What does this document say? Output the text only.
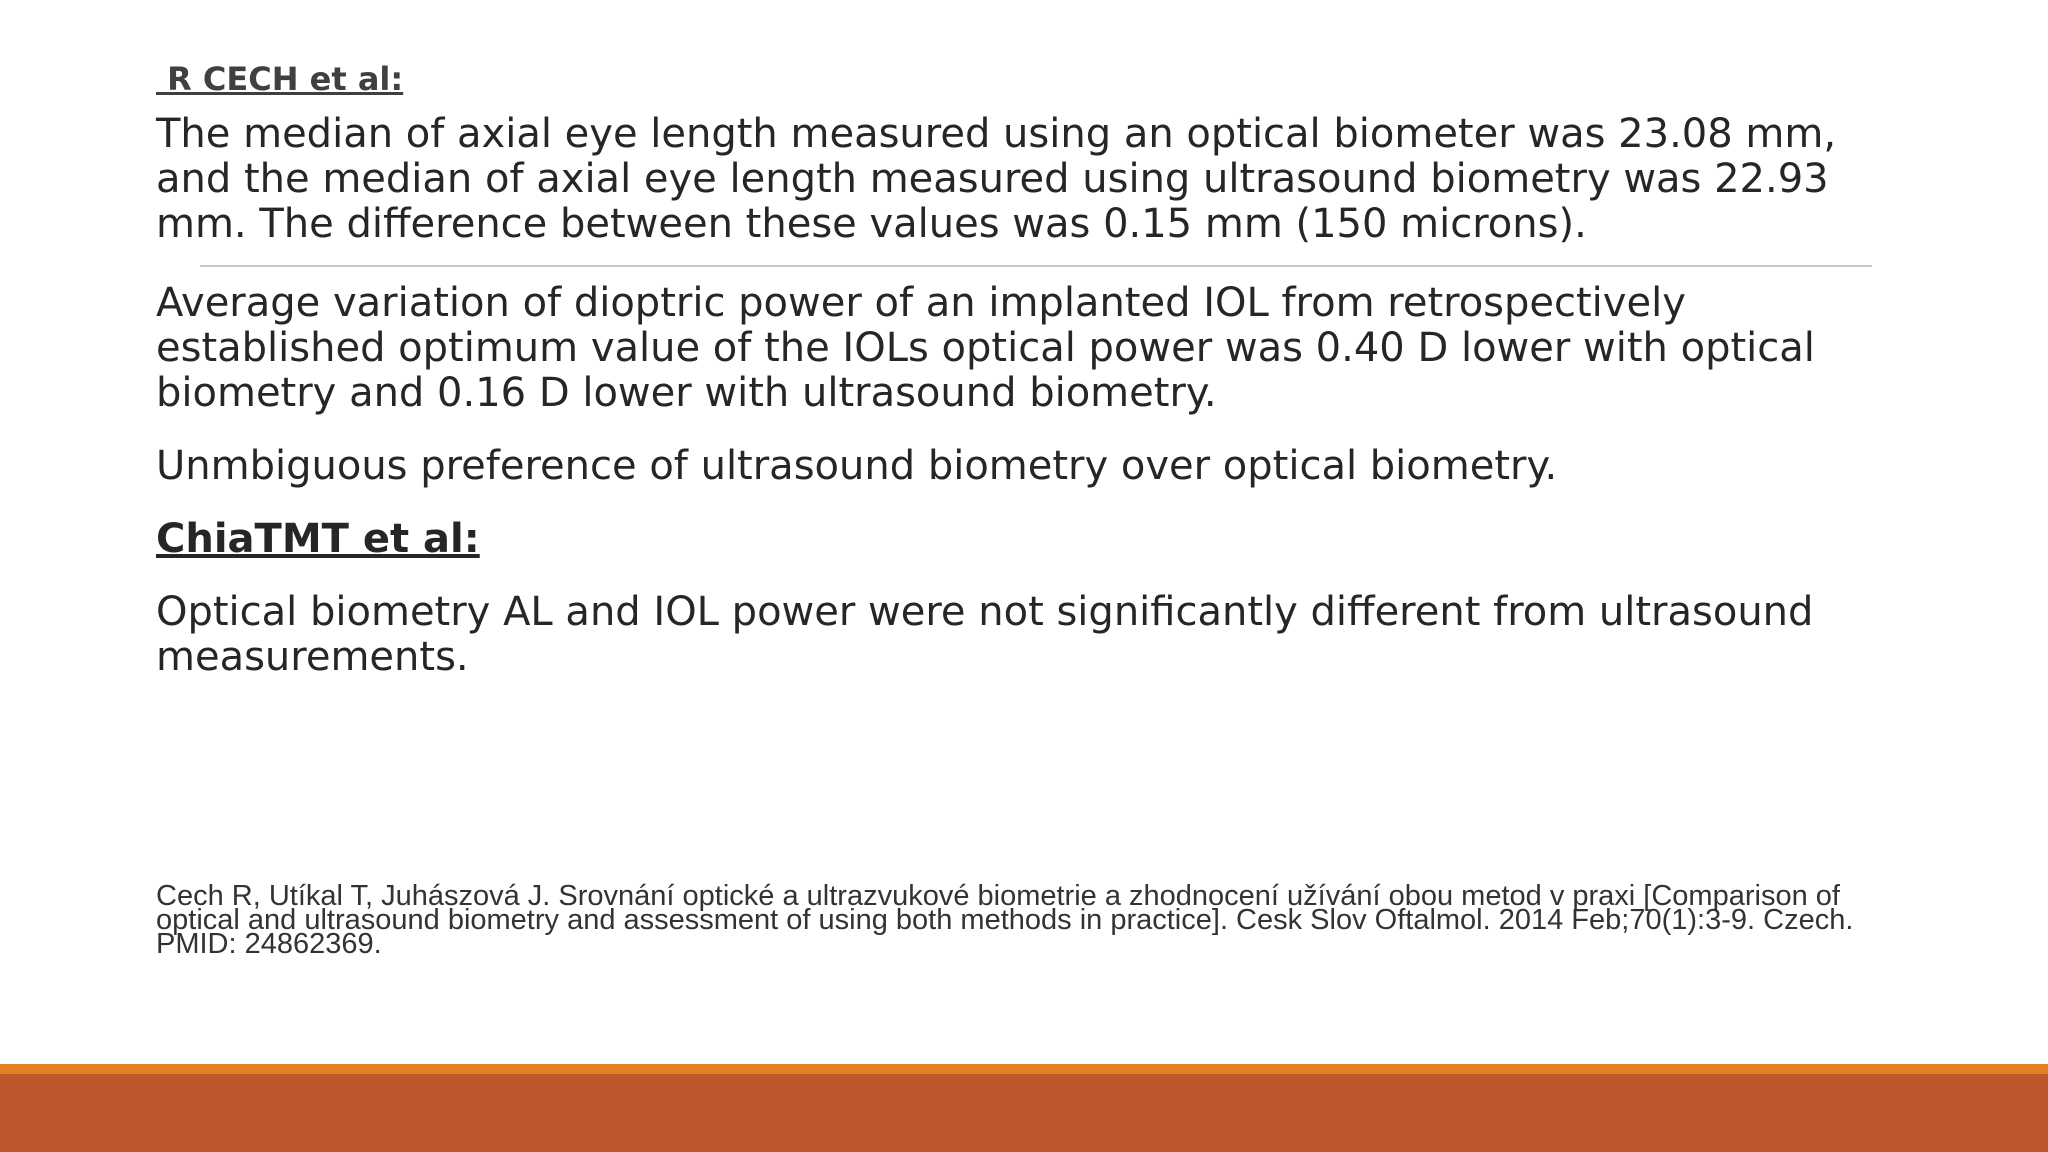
R CECH et al:

The median of axial eye length measured using an optical biometer was 23.08 mm, and the median of axial eye length measured using ultrasound biometry was 22.93 mm. The difference between these values was 0.15 mm (150 microns).

Average variation of dioptric power of an implanted IOL from retrospectively established optimum value of the IOLs optical power was 0.40 D lower with optical biometry and 0.16 D lower with ultrasound biometry.

Unmbiguous preference of ultrasound biometry over optical biometry.

ChiaTMT et al:

Optical biometry AL and IOL power were not significantly different from ultrasound measurements.

Cech R, Utíkal T, Juhászová J. Srovnání optické a ultrazvukové biometrie a zhodnocení užívání obou metod v praxi [Comparison of optical and ultrasound biometry and assessment of using both methods in practice]. Cesk Slov Oftalmol. 2014 Feb;70(1):3-9. Czech. PMID: 24862369.
